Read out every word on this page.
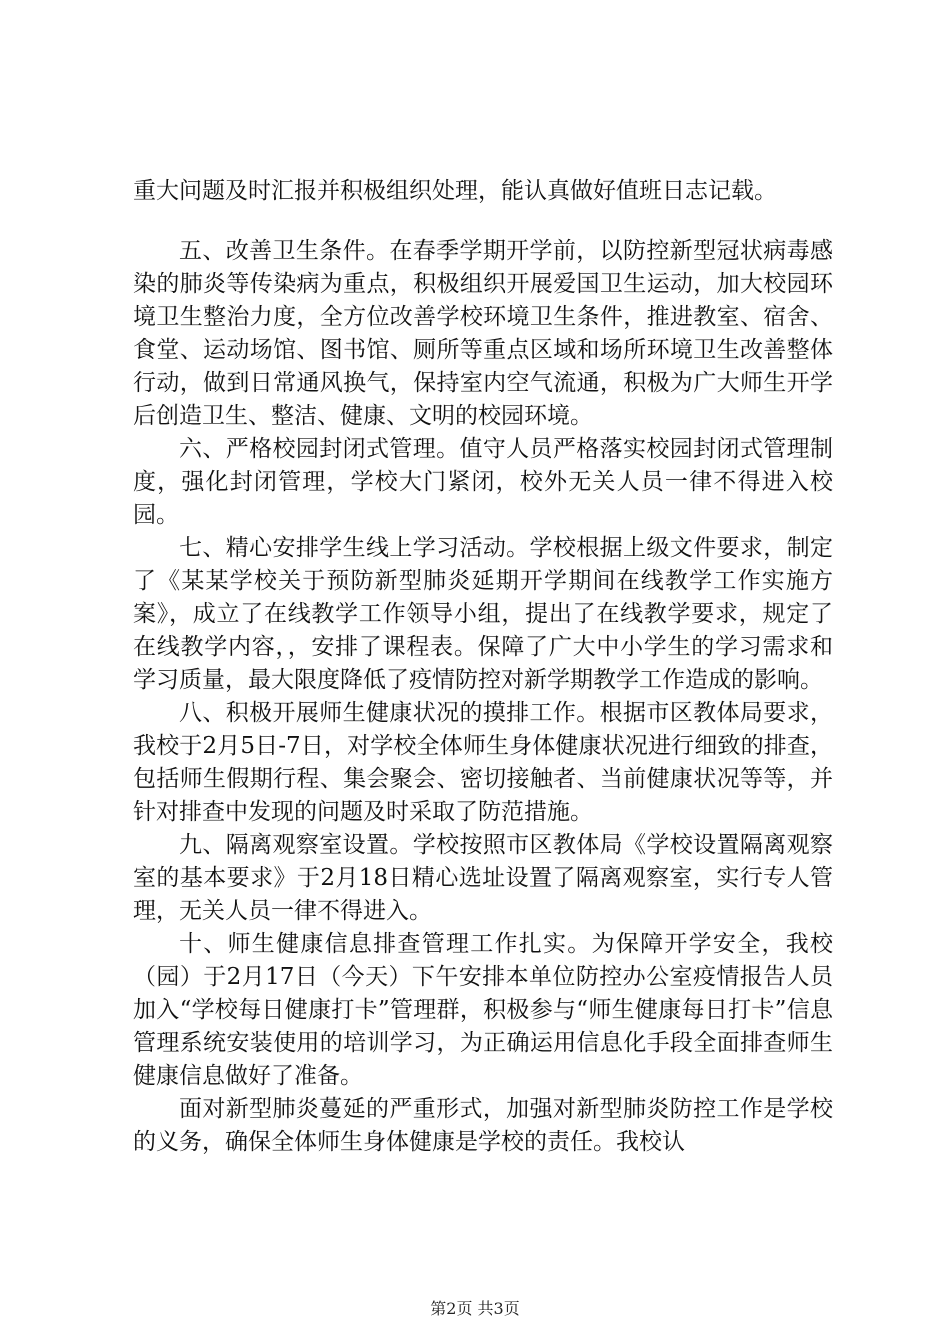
重大问题及时汇报并积极组织处理，能认真做好值班日志记载。

五、改善卫生条件。在春季学期开学前，以防控新型冠状病毒感染的肺炎等传染病为重点，积极组织开展爱国卫生运动，加大校园环境卫生整治力度，全方位改善学校环境卫生条件，推进教室、宿舍、食堂、运动场馆、图书馆、厕所等重点区域和场所环境卫生改善整体行动，做到日常通风换气，保持室内空气流通，积极为广大师生开学后创造卫生、整洁、健康、文明的校园环境。

六、严格校园封闭式管理。值守人员严格落实校园封闭式管理制度，强化封闭管理，学校大门紧闭，校外无关人员一律不得进入校园。

七、精心安排学生线上学习活动。学校根据上级文件要求，制定了《某某学校关于预防新型肺炎延期开学期间在线教学工作实施方案》，成立了在线教学工作领导小组，提出了在线教学要求，规定了在线教学内容，，安排了课程表。保障了广大中小学生的学习需求和学习质量，最大限度降低了疫情防控对新学期教学工作造成的影响。

八、积极开展师生健康状况的摸排工作。根据市区教体局要求，我校于2月5日-7日，对学校全体师生身体健康状况进行细致的排查，包括师生假期行程、集会聚会、密切接触者、当前健康状况等等，并针对排查中发现的问题及时采取了防范措施。

九、隔离观察室设置。学校按照市区教体局《学校设置隔离观察室的基本要求》于2月18日精心选址设置了隔离观察室，实行专人管理，无关人员一律不得进入。

十、师生健康信息排查管理工作扎实。为保障开学安全，我校（园）于2月17日（今天）下午安排本单位防控办公室疫情报告人员加入“学校每日健康打卡”管理群，积极参与“师生健康每日打卡”信息管理系统安装使用的培训学习，为正确运用信息化手段全面排查师生健康信息做好了准备。

面对新型肺炎蔓延的严重形式，加强对新型肺炎防控工作是学校的义务，确保全体师生身体健康是学校的责任。我校认

第2页 共3页
